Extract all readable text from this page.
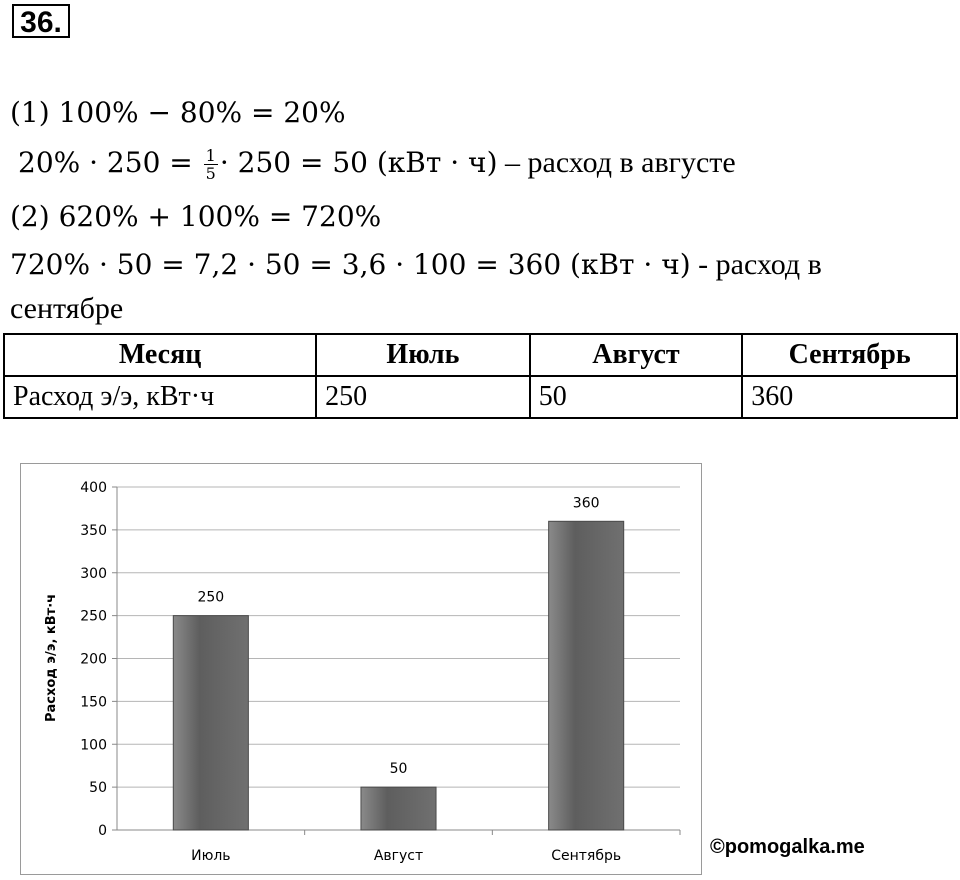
36.
(1) 100% − 80% = 20%
$20\% \cdot 250 = \frac{1}{5} \cdot 250 = 50$ (кВт · ч) – расход в августе
(2) 620% + 100% = 720%
720% · 50 = 7,2 · 50 = 3,6 · 100 = 360 (кВт · ч) - расход в
сентябре
Месяц	Июль	Август	Сентябрь
Расход э/э, кВт·ч	250	50	360
0
50
100
150
200
250
300
350
400
Июль	Август	Сентябрь
250
50
360
Расход э/э, кВт·ч
©pomogalka.me
